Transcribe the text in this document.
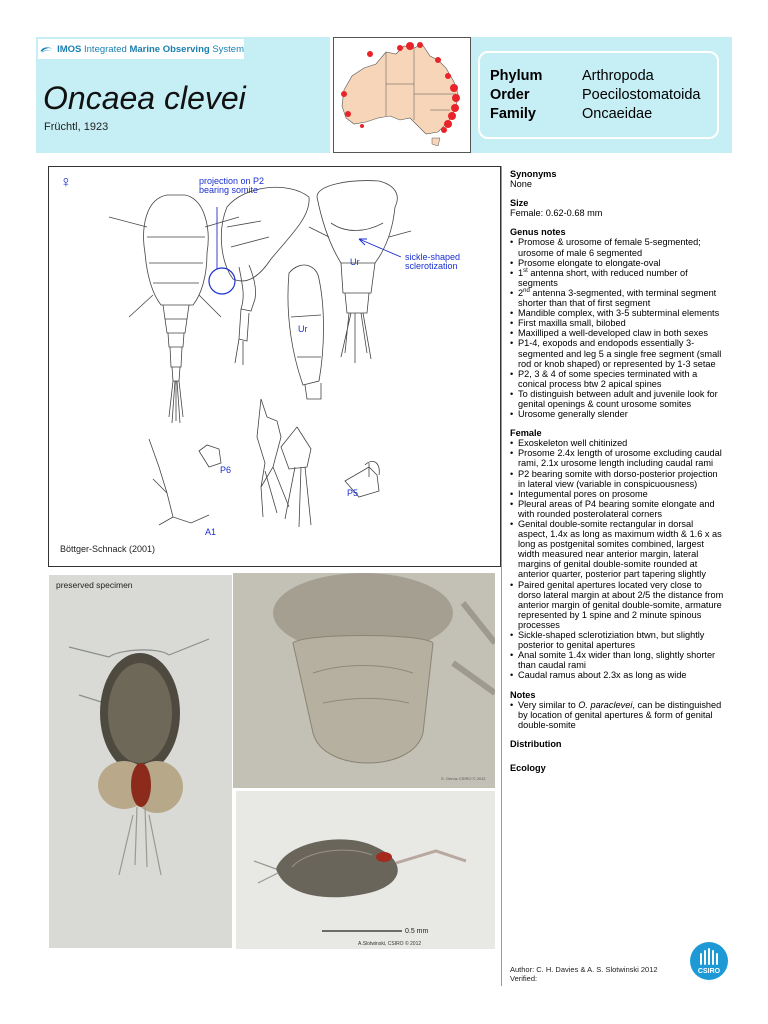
IMOS Integrated Marine Observing System
Oncaea clevei
Früchtl, 1923
Phylum	Arthropoda
Order	Poecilostomatoida
Family	Oncaeidae
♀	projection on P2
bearing somite
sickle-shaped
sclerotization
Ur
Ur
P6
P5
A1
Böttger-Schnack (2001)
preserved specimen
S. Genus CSIRO © 2012
0.5 mm
A.Slotwinski, CSIRO © 2012
Synonyms

None

Size

Female: 0.62-0.68 mm

Genus notes
• Promose & urosome of female 5-segmented; urosome of male 6 segmented
• Prosome elongate to elongate-oval
• 1st antenna short, with reduced number of segments
• 2nd antenna 3-segmented, with terminal segment shorter than that of first segment
• Mandible complex, with 3-5 subterminal elements
• First maxilla small, bilobed
• Maxilliped a well-developed claw in both sexes
• P1-4, exopods and endopods essentially 3-segmented and leg 5 a single free segment (small rod or knob shaped) or represented by 1-3 setae
• P2, 3 & 4 of some species terminated with a conical process btw 2 apical spines
• To distinguish between adult and juvenile look for genital openings & count urosome somites
• Urosome generally slender
Female
• Exoskeleton well chitinized
• Prosome 2.4x length of urosome excluding caudal rami, 2.1x urosome length including caudal rami
• P2 bearing somite with dorso-posterior projection in lateral view (variable in conspicuousness)
• Integumental pores on prosome
• Pleural areas of P4 bearing somite elongate and with rounded posterolateral corners
• Genital double-somite rectangular in dorsal aspect, 1.4x as long as maximum width & 1.6 x as long as postgenital somites combined, largest width measured near anterior margin, lateral margins of genital double-somite rounded at anterior quarter, posterior part tapering slightly
• Paired genital apertures located very close to dorso lateral margin at about 2/5 the distance from anterior margin of genital double-somite, armature represented by 1 spine and 2 minute spinous processes
• Sickle-shaped sclerotiziation btwn, but slightly posterior to genital apertures
• Anal somite 1.4x wider than long, slightly shorter than caudal rami
• Caudal ramus about 2.3x as long as wide
Notes
• Very similar to O. paraclevei, can be distinguished by location of genital apertures & form of genital double-somite
Distribution
Ecology
Author: C. H. Davies & A. S. Slotwinski 2012
Verified:
CSIRO
